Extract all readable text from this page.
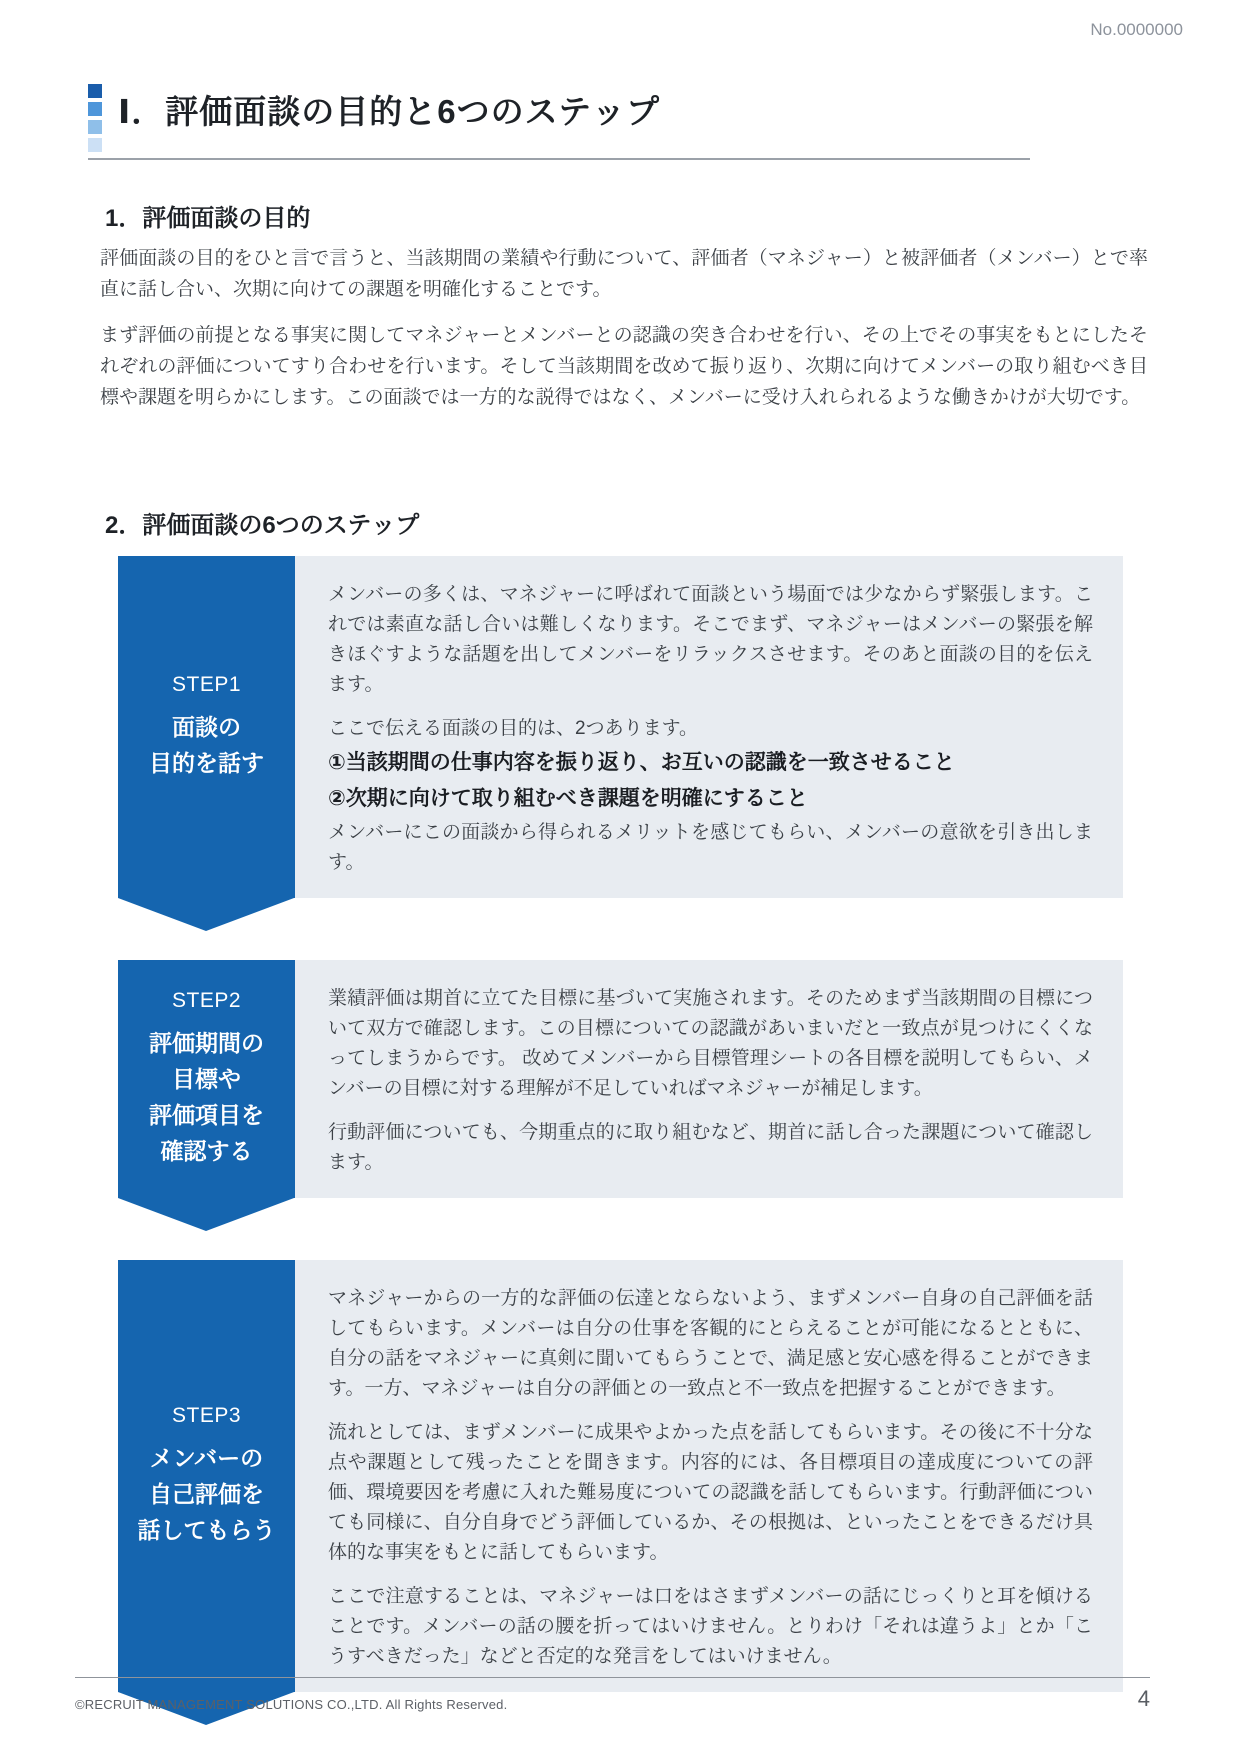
No.0000000
Ⅰ．評価面談の目的と6つのステップ
1．評価面談の目的

評価面談の目的をひと言で言うと、当該期間の業績や行動について、評価者（マネジャー）と被評価者（メンバー）とで率直に話し合い、次期に向けての課題を明確化することです。

まず評価の前提となる事実に関してマネジャーとメンバーとの認識の突き合わせを行い、その上でその事実をもとにしたそれぞれの評価についてすり合わせを行います。そして当該期間を改めて振り返り、次期に向けてメンバーの取り組むべき目標や課題を明らかにします。この面談では一方的な説得ではなく、メンバーに受け入れられるような働きかけが大切です。

2．評価面談の6つのステップ
STEP1
面談の
目的を話す

メンバーの多くは、マネジャーに呼ばれて面談という場面では少なからず緊張します。これでは素直な話し合いは難しくなります。そこでまず、マネジャーはメンバーの緊張を解きほぐすような話題を出してメンバーをリラックスさせます。そのあと面談の目的を伝えます。

ここで伝える面談の目的は、2つあります。

①当該期間の仕事内容を振り返り、お互いの認識を一致させること

②次期に向けて取り組むべき課題を明確にすること

メンバーにこの面談から得られるメリットを感じてもらい、メンバーの意欲を引き出します。

STEP2
評価期間の
目標や
評価項目を
確認する

業績評価は期首に立てた目標に基づいて実施されます。そのためまず当該期間の目標について双方で確認します。この目標についての認識があいまいだと一致点が見つけにくくなってしまうからです。 改めてメンバーから目標管理シートの各目標を説明してもらい、メンバーの目標に対する理解が不足していればマネジャーが補足します。

行動評価についても、今期重点的に取り組むなど、期首に話し合った課題について確認します。

STEP3
メンバーの
自己評価を
話してもらう

マネジャーからの一方的な評価の伝達とならないよう、まずメンバー自身の自己評価を話してもらいます。メンバーは自分の仕事を客観的にとらえることが可能になるとともに、自分の話をマネジャーに真剣に聞いてもらうことで、満足感と安心感を得ることができます。一方、マネジャーは自分の評価との一致点と不一致点を把握することができます。

流れとしては、まずメンバーに成果やよかった点を話してもらいます。その後に不十分な点や課題として残ったことを聞きます。内容的には、各目標項目の達成度についての評価、環境要因を考慮に入れた難易度についての認識を話してもらいます。行動評価についても同様に、自分自身でどう評価しているか、その根拠は、といったことをできるだけ具体的な事実をもとに話してもらいます。

ここで注意することは、マネジャーは口をはさまずメンバーの話にじっくりと耳を傾けることです。メンバーの話の腰を折ってはいけません。とりわけ「それは違うよ」とか「こうすべきだった」などと否定的な発言をしてはいけません。

©RECRUIT MANAGEMENT SOLUTIONS CO.,LTD. All Rights Reserved.	4
